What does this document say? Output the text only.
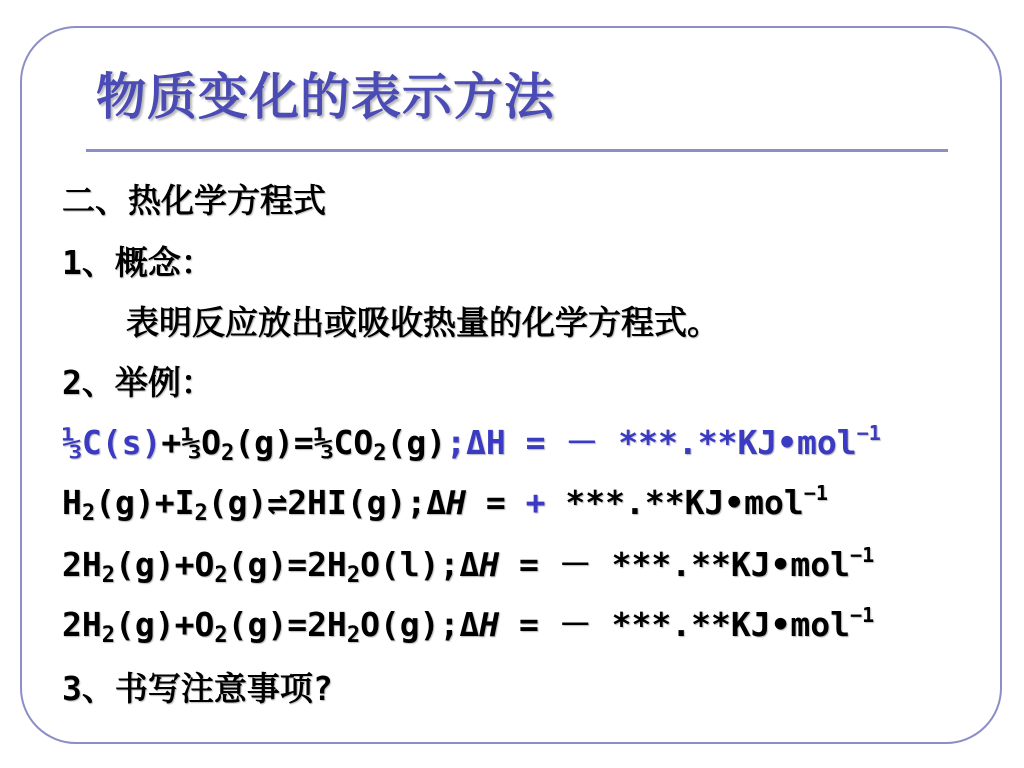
物质变化的表示方法
二、热化学方程式
1、概念：
表明反应放出或吸收热量的化学方程式。
2、举例：
$\frac{1}{3}C(s)+\frac{1}{3}O_2(g)=\frac{1}{3}CO_2(g);\Delta H$ = － ***.**KJ•mol$^{-1}$
$H_2(g)+I_2(g)\rightleftharpoons 2HI(g);\Delta H$ = + ***.**KJ•mol$^{-1}$
$2H_2(g)+O_2(g)=2H_2O(l);\Delta H$ = － ***.**KJ•mol$^{-1}$
$2H_2(g)+O_2(g)=2H_2O(g);\Delta H$ = － ***.**KJ•mol$^{-1}$
3、书写注意事项?
